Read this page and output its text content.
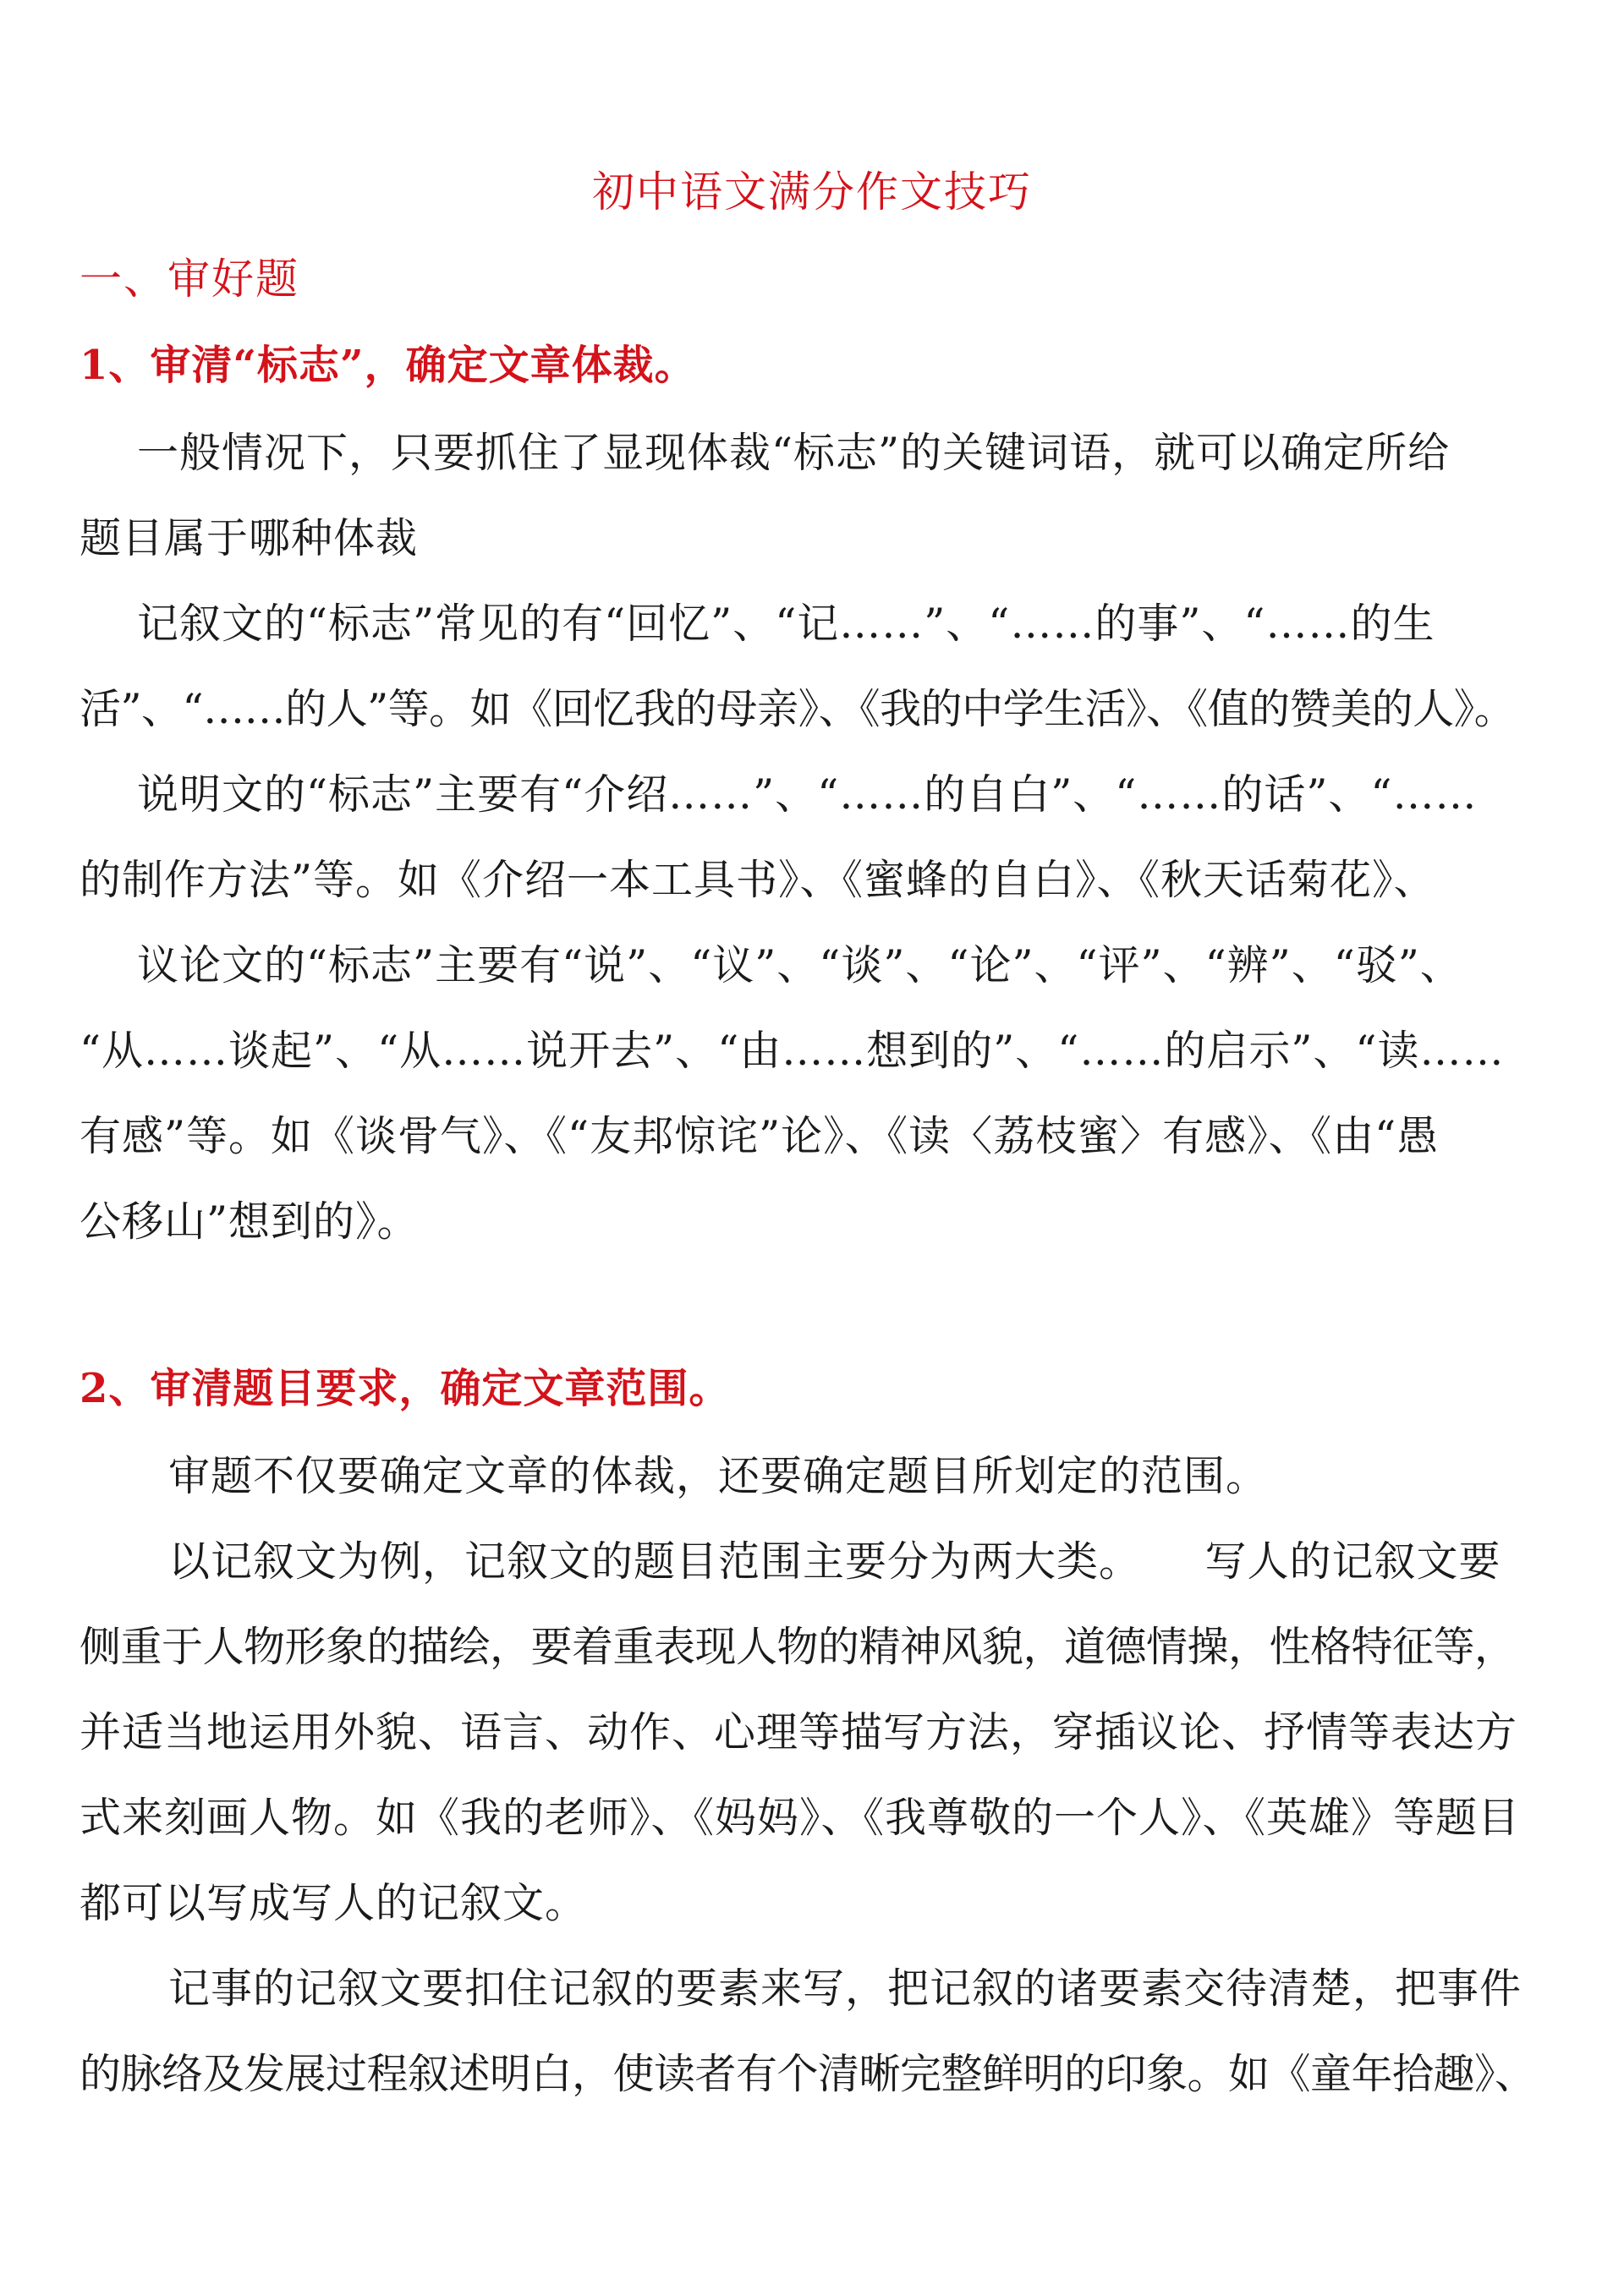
初中语文满分作文技巧
一、审好题
1、审清“标志”，确定文章体裁。
一般情况下，只要抓住了显现体裁“标志”的关键词语，就可以确定所给
题目属于哪种体裁
记叙文的“标志”常见的有“回忆”、“记……”、“……的事”、“……的生
活”、“……的人”等。如《回忆我的母亲》、《我的中学生活》、《值的赞美的人》。
说明文的“标志”主要有“介绍……”、“……的自白”、“……的话”、“……
的制作方法”等。如《介绍一本工具书》、《蜜蜂的自白》、《秋天话菊花》、
议论文的“标志”主要有“说”、“议”、“谈”、“论”、“评”、“辨”、“驳”、
“从……谈起”、“从……说开去”、“由……想到的”、“……的启示”、“读……
有感”等。如《谈骨气》、《“友邦惊诧”论》、《读〈荔枝蜜〉有感》、《由“愚
公移山”想到的》。
2、审清题目要求，确定文章范围。
审题不仅要确定文章的体裁，还要确定题目所划定的范围。
以记叙文为例，记叙文的题目范围主要分为两大类。　　写人的记叙文要
侧重于人物形象的描绘，要着重表现人物的精神风貌，道德情操，性格特征等，
并适当地运用外貌、语言、动作、心理等描写方法，穿插议论、抒情等表达方
式来刻画人物。如《我的老师》、《妈妈》、《我尊敬的一个人》、《英雄》等题目
都可以写成写人的记叙文。
记事的记叙文要扣住记叙的要素来写，把记叙的诸要素交待清楚，把事件
的脉络及发展过程叙述明白，使读者有个清晰完整鲜明的印象。如《童年拾趣》、
